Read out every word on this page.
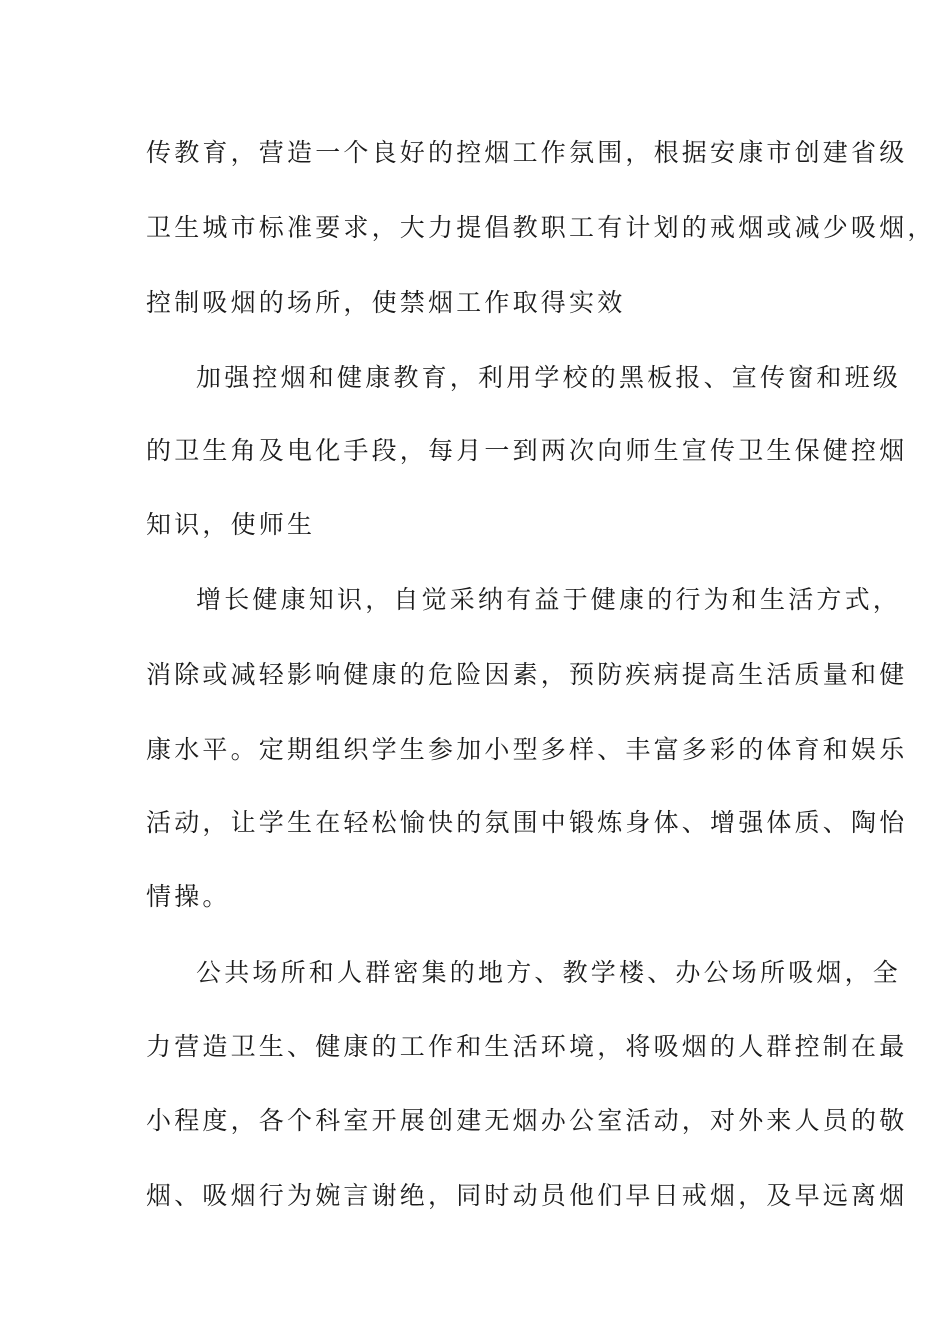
传教育，营造一个良好的控烟工作氛围，根据安康市创建省级
卫生城市标准要求，大力提倡教职工有计划的戒烟或减少吸烟，
控制吸烟的场所，使禁烟工作取得实效
加强控烟和健康教育，利用学校的黑板报、宣传窗和班级
的卫生角及电化手段，每月一到两次向师生宣传卫生保健控烟
知识，使师生
增长健康知识，自觉采纳有益于健康的行为和生活方式，
消除或减轻影响健康的危险因素，预防疾病提高生活质量和健
康水平。定期组织学生参加小型多样、丰富多彩的体育和娱乐
活动，让学生在轻松愉快的氛围中锻炼身体、增强体质、陶怡
情操。
公共场所和人群密集的地方、教学楼、办公场所吸烟，全
力营造卫生、健康的工作和生活环境，将吸烟的人群控制在最
小程度，各个科室开展创建无烟办公室活动，对外来人员的敬
烟、吸烟行为婉言谢绝，同时动员他们早日戒烟，及早远离烟
